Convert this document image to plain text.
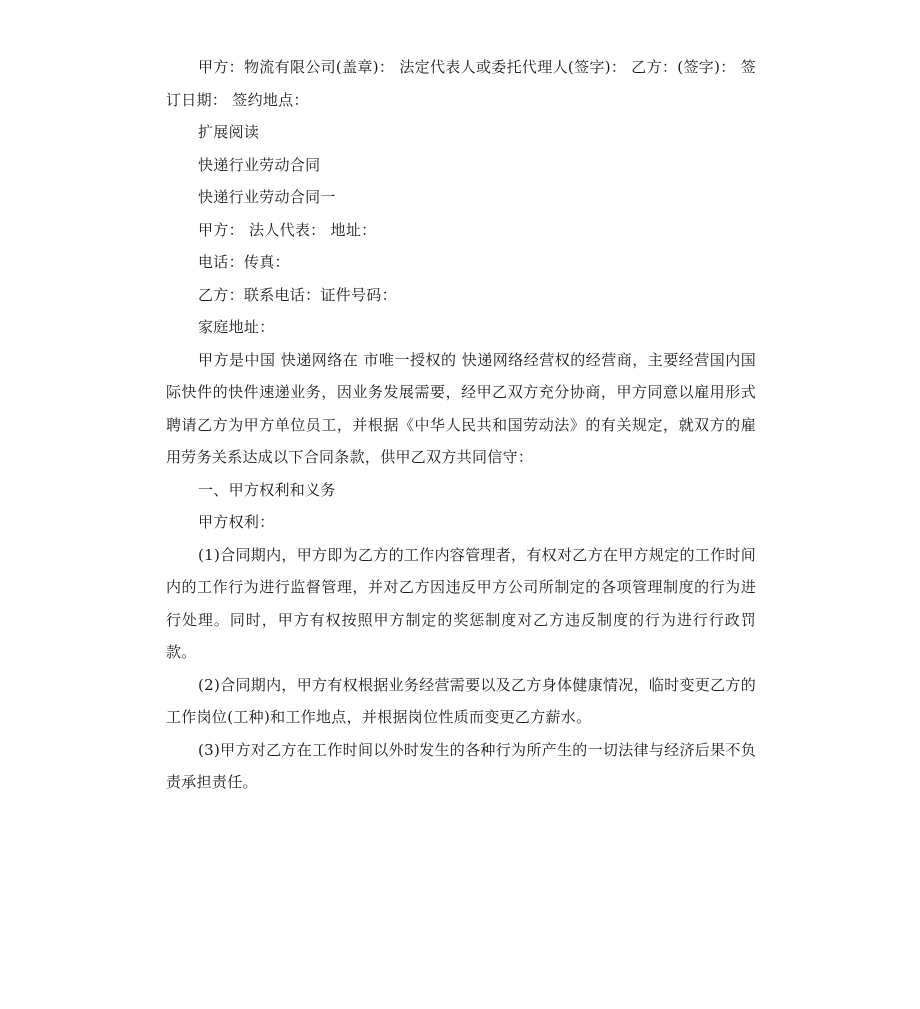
甲方：物流有限公司(盖章)： 法定代表人或委托代理人(签字)： 乙方：(签字)： 签订日期： 签约地点：

扩展阅读

快递行业劳动合同

快递行业劳动合同一

甲方： 法人代表： 地址：

电话：传真：

乙方：联系电话：证件号码：

家庭地址：

甲方是中国 快递网络在 市唯一授权的 快递网络经营权的经营商，主要经营国内国际快件的快件速递业务，因业务发展需要，经甲乙双方充分协商，甲方同意以雇用形式聘请乙方为甲方单位员工，并根据《中华人民共和国劳动法》的有关规定，就双方的雇用劳务关系达成以下合同条款，供甲乙双方共同信守：

一、甲方权利和义务

甲方权利：

(1)合同期内，甲方即为乙方的工作内容管理者，有权对乙方在甲方规定的工作时间内的工作行为进行监督管理，并对乙方因违反甲方公司所制定的各项管理制度的行为进行处理。同时，甲方有权按照甲方制定的奖惩制度对乙方违反制度的行为进行行政罚款。

(2)合同期内，甲方有权根据业务经营需要以及乙方身体健康情况，临时变更乙方的工作岗位(工种)和工作地点，并根据岗位性质而变更乙方薪水。

(3)甲方对乙方在工作时间以外时发生的各种行为所产生的一切法律与经济后果不负责承担责任。
